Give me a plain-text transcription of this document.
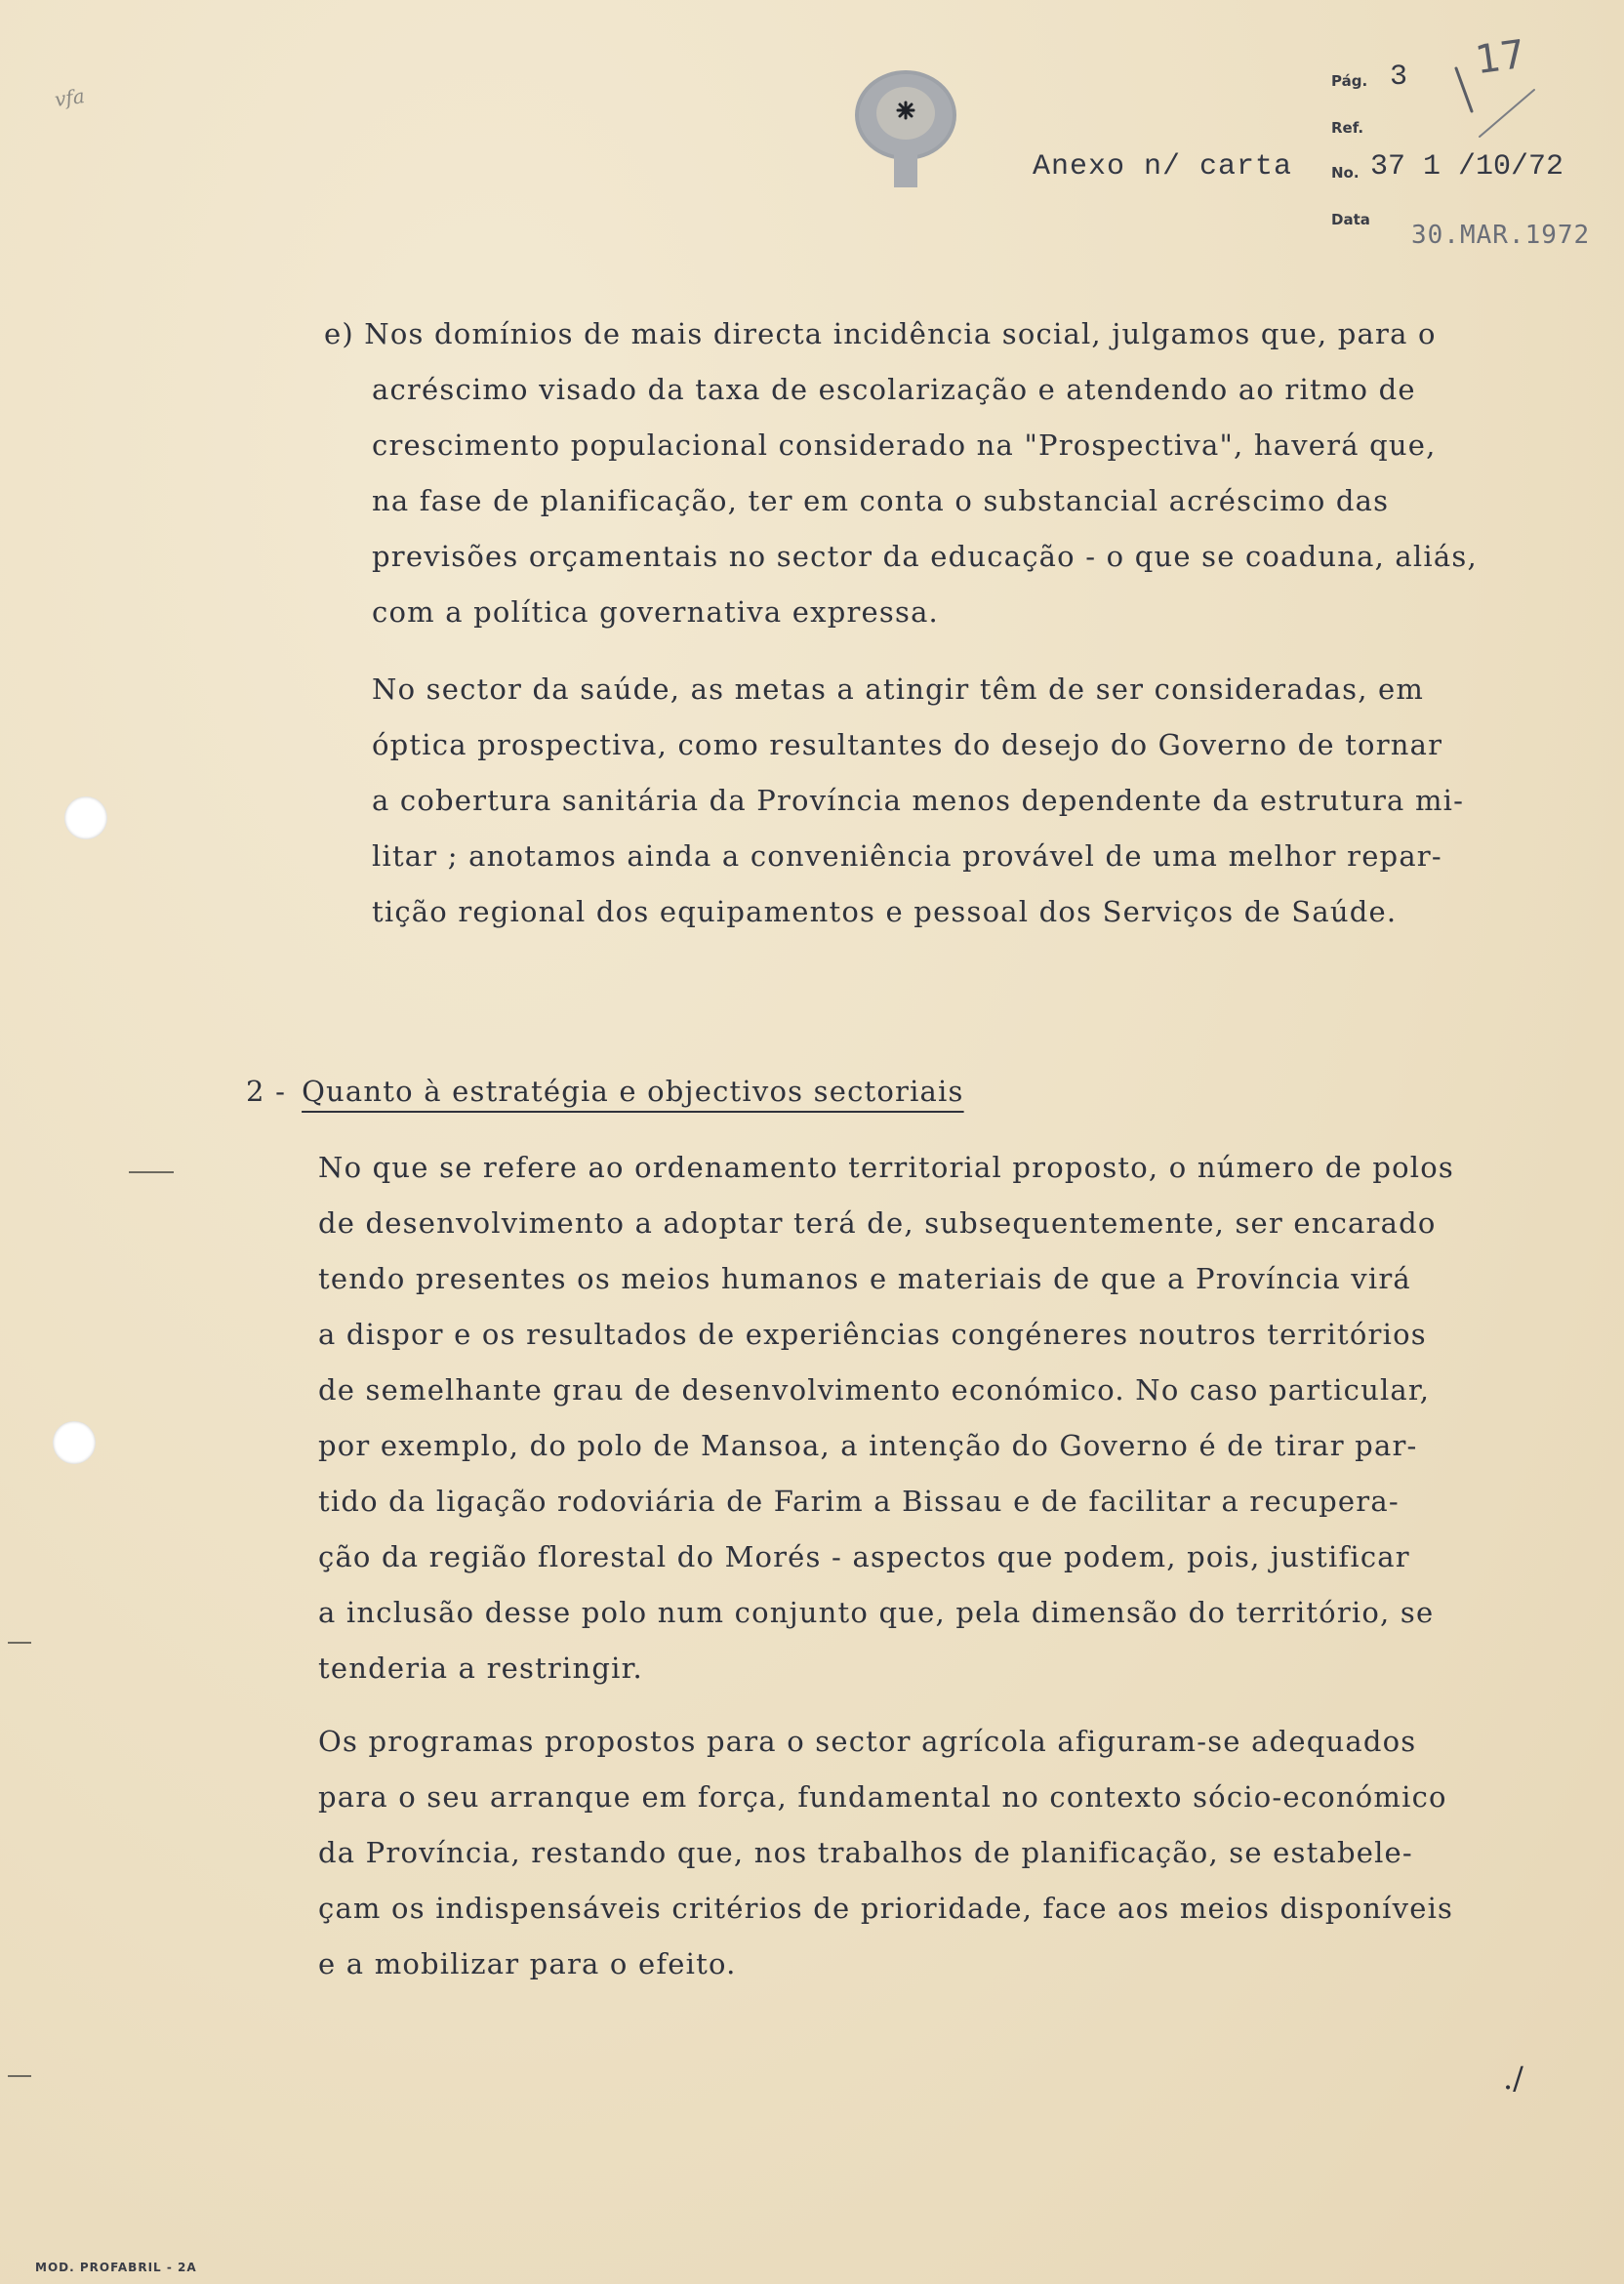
vfa
Pág. 3
Ref.
Anexo n/ carta	No. 37 1 /10/72
Data
30.MAR.1972
17
e) Nos domínios de mais directa incidência social, julgamos que, para o
acréscimo visado da taxa de escolarização e atendendo ao ritmo de
crescimento populacional considerado na "Prospectiva", haverá que,
na fase de planificação, ter em conta o substancial acréscimo das
previsões orçamentais no sector da educação - o que se coaduna, aliás,
com a política governativa expressa.
No sector da saúde, as metas a atingir têm de ser consideradas, em
óptica prospectiva, como resultantes do desejo do Governo de tornar
a cobertura sanitária da Província menos dependente da estrutura mi-
litar ; anotamos ainda a conveniência provável de uma melhor repar-
tição regional dos equipamentos e pessoal dos Serviços de Saúde.
2 - Quanto à estratégia e objectivos sectoriais
No que se refere ao ordenamento territorial proposto, o número de polos
de desenvolvimento a adoptar terá de, subsequentemente, ser encarado
tendo presentes os meios humanos e materiais de que a Província virá
a dispor e os resultados de experiências congéneres noutros territórios
de semelhante grau de desenvolvimento económico. No caso particular,
por exemplo, do polo de Mansoa, a intenção do Governo é de tirar par-
tido da ligação rodoviária de Farim a Bissau e de facilitar a recupera-
ção da região florestal do Morés - aspectos que podem, pois, justificar
a inclusão desse polo num conjunto que, pela dimensão do território, se
tenderia a restringir.
Os programas propostos para o sector agrícola afiguram-se adequados
para o seu arranque em força, fundamental no contexto sócio-económico
da Província, restando que, nos trabalhos de planificação, se estabele-
çam os indispensáveis critérios de prioridade, face aos meios disponíveis
e a mobilizar para o efeito.
./
MOD. PROFABRIL - 2A
